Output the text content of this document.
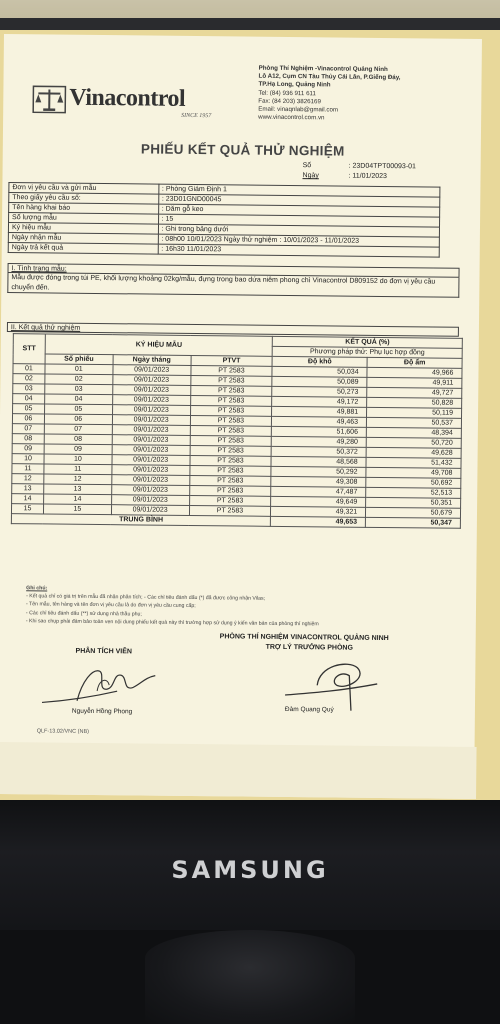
Vinacontrol
SINCE 1957
Phòng Thí Nghiệm -Vinacontrol Quảng Ninh
Lô A12, Cụm CN Tàu Thủy Cái Lân, P.Giếng Đáy,
TP.Hạ Long, Quảng Ninh
Tel: (84) 936 911 611
Fax: (84 203) 3826169
Email: vinaqnlab@gmail.com
www.vinacontrol.com.vn
PHIẾU KẾT QUẢ THỬ NGHIỆM
Số	: 23D04TPT00093-01
Ngày	: 11/01/2023
Đơn vị yêu cầu và gửi mẫu	: Phòng Giám Định 1
Theo giấy yêu cầu số:	: 23D01GND00045
Tên hàng khai báo	: Dăm gỗ keo
Số lượng mẫu	: 15
Ký hiệu mẫu	: Ghi trong bảng dưới
Ngày nhận mẫu	: 08h00 10/01/2023 Ngày thử nghiệm : 10/01/2023 - 11/01/2023
Ngày trả kết quả	: 16h30 11/01/2023
I. Tình trạng mẫu:
Mẫu được đóng trong túi PE, khối lượng khoảng 02kg/mẫu, đựng trong bao dứa niêm phong chì Vinacontrol D809152 do đơn vị yêu cầu chuyển đến.
II. Kết quả thử nghiệm
STT	KÝ HIỆU MẪU			KẾT QUẢ (%)	
				Phương pháp thử: Phụ lục hợp đồng	
	Số phiếu	Ngày tháng	PTVT	Độ khô	Độ ẩm
01	01	09/01/2023	PT 2583	50,034	49,966
02	02	09/01/2023	PT 2583	50,089	49,911
03	03	09/01/2023	PT 2583	50,273	49,727
04	04	09/01/2023	PT 2583	49,172	50,828
05	05	09/01/2023	PT 2583	49,881	50,119
06	06	09/01/2023	PT 2583	49,463	50,537
07	07	09/01/2023	PT 2583	51,606	48,394
08	08	09/01/2023	PT 2583	49,280	50,720
09	09	09/01/2023	PT 2583	50,372	49,628
10	10	09/01/2023	PT 2583	48,568	51,432
11	11	09/01/2023	PT 2583	50,292	49,708
12	12	09/01/2023	PT 2583	49,308	50,692
13	13	09/01/2023	PT 2583	47,487	52,513
14	14	09/01/2023	PT 2583	49,649	50,351
15	15	09/01/2023	PT 2583	49,321	50,679
TRUNG BÌNH				49,653	50,347
Ghi chú:
- Kết quả chỉ có giá trị trên mẫu đã nhận phân tích; - Các chỉ tiêu đánh dấu (*) đã được công nhận Vilas;
- Tên mẫu, tên hàng và tên đơn vị yêu cầu là do đơn vị yêu cầu cung cấp;
- Các chỉ tiêu đánh dấu (**) sử dụng nhà thầu phụ;
- Khi sao chụp phải đảm bảo toàn vẹn nội dung phiếu kết quả này thì trường hợp sử dụng ý kiến văn bản của phòng thí nghiệm
PHÂN TÍCH VIÊN
PHÒNG THÍ NGHIỆM VINACONTROL QUẢNG NINH
TRỢ LÝ TRƯỞNG PHÒNG
Nguyễn Hồng Phong	Đàm Quang Quý
QLF-13.02/VNC (NB)
SAMSUNG
